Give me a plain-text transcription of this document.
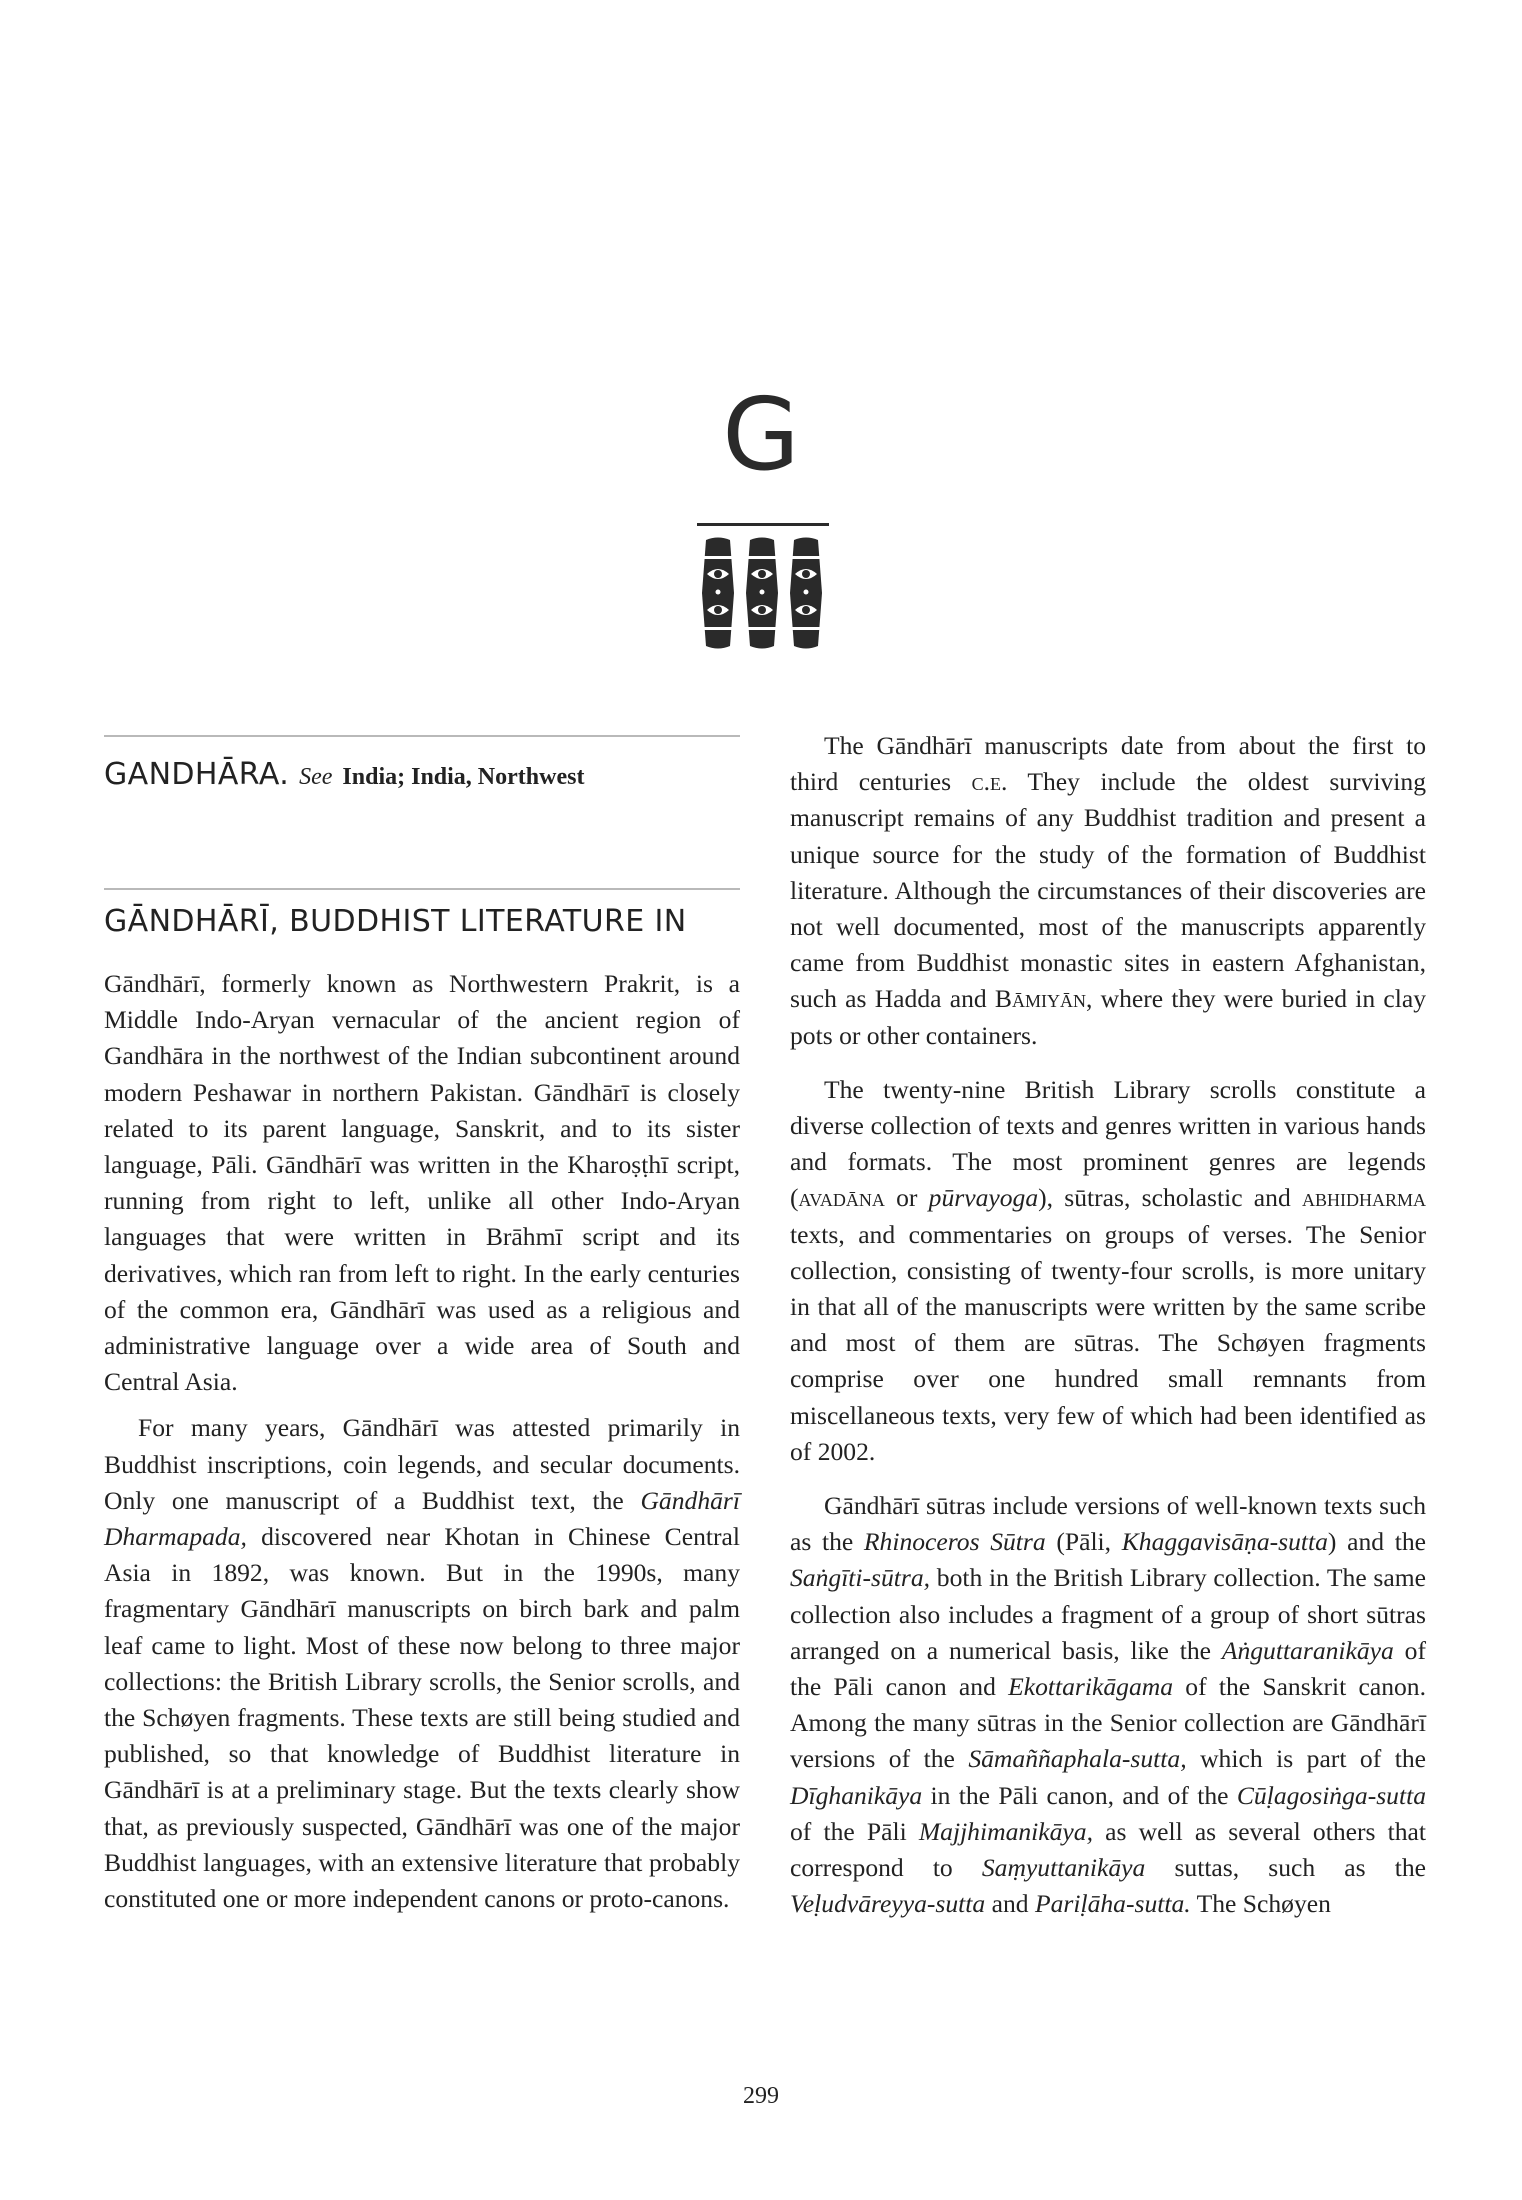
G
GANDHĀRA. See India; India, Northwest
GĀNDHĀRĪ, BUDDHIST LITERATURE IN

Gāndhārī, formerly known as Northwestern Prakrit, is a Middle Indo-Aryan vernacular of the ancient region of Gandhāra in the northwest of the Indian subcontinent around modern Peshawar in northern Pakistan. Gāndhārī is closely related to its parent language, Sanskrit, and to its sister language, Pāli. Gāndhārī was written in the Kharoṣṭhī script, running from right to left, unlike all other Indo-Aryan languages that were written in Brāhmī script and its derivatives, which ran from left to right. In the early centuries of the common era, Gāndhārī was used as a religious and administrative language over a wide area of South and Central Asia.

For many years, Gāndhārī was attested primarily in Buddhist inscriptions, coin legends, and secular documents. Only one manuscript of a Buddhist text, the Gāndhārī Dharmapada, discovered near Khotan in Chinese Central Asia in 1892, was known. But in the 1990s, many fragmentary Gāndhārī manuscripts on birch bark and palm leaf came to light. Most of these now belong to three major collections: the British Library scrolls, the Senior scrolls, and the Schøyen fragments. These texts are still being studied and published, so that knowledge of Buddhist literature in Gāndhārī is at a preliminary stage. But the texts clearly show that, as previously suspected, Gāndhārī was one of the major Buddhist languages, with an extensive literature that probably constituted one or more independent canons or proto-canons.

The Gāndhārī manuscripts date from about the first to third centuries c.e. They include the oldest surviving manuscript remains of any Buddhist tradition and present a unique source for the study of the formation of Buddhist literature. Although the circumstances of their discoveries are not well documented, most of the manuscripts apparently came from Buddhist monastic sites in eastern Afghanistan, such as Hadda and Bāmiyān, where they were buried in clay pots or other containers.

The twenty-nine British Library scrolls constitute a diverse collection of texts and genres written in various hands and formats. The most prominent genres are legends (avadāna or pūrvayoga), sūtras, scholastic and abhidharma texts, and commentaries on groups of verses. The Senior collection, consisting of twenty-four scrolls, is more unitary in that all of the manuscripts were written by the same scribe and most of them are sūtras. The Schøyen fragments comprise over one hundred small remnants from miscellaneous texts, very few of which had been identified as of 2002.

Gāndhārī sūtras include versions of well-known texts such as the Rhinoceros Sūtra (Pāli, Khaggavisāṇa-sutta) and the Saṅgīti-sūtra, both in the British Library collection. The same collection also includes a fragment of a group of short sūtras arranged on a numerical basis, like the Aṅguttaranikāya of the Pāli canon and Ekottarikāgama of the Sanskrit canon. Among the many sūtras in the Senior collection are Gāndhārī versions of the Sāmaññaphala-sutta, which is part of the Dīghanikāya in the Pāli canon, and of the Cūḷagosiṅga-sutta of the Pāli Majjhimanikāya, as well as several others that correspond to Saṃyuttanikāya suttas, such as the Veḷudvāreyya-sutta and Pariḷāha-sutta. The Schøyen

299
